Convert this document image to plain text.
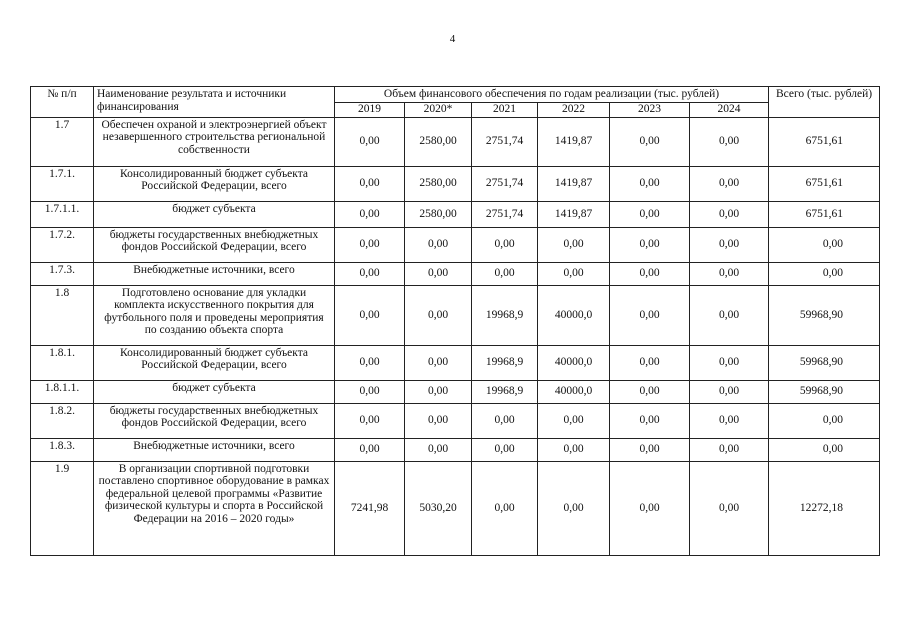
4
№ п/п	Наименование результата и источники финансирования	Объем финансового обеспечения по годам реализации (тыс. рублей)						Всего (тыс. рублей)
		2019	2020*	2021	2022	2023	2024	
1.7	Обеспечен охраной и электроэнергией объект незавершенного строительства региональной собственности	0,00	2580,00	2751,74	1419,87	0,00	0,00	6751,61
1.7.1.	Консолидированный бюджет субъекта Российской Федерации, всего	0,00	2580,00	2751,74	1419,87	0,00	0,00	6751,61
1.7.1.1.	бюджет субъекта	0,00	2580,00	2751,74	1419,87	0,00	0,00	6751,61
1.7.2.	бюджеты государственных внебюджетных фондов Российской Федерации, всего	0,00	0,00	0,00	0,00	0,00	0,00	0,00
1.7.3.	Внебюджетные источники, всего	0,00	0,00	0,00	0,00	0,00	0,00	0,00
1.8	Подготовлено основание для укладки комплекта искусственного покрытия для футбольного поля и проведены мероприятия по созданию объекта спорта	0,00	0,00	19968,9	40000,0	0,00	0,00	59968,90
1.8.1.	Консолидированный бюджет субъекта Российской Федерации, всего	0,00	0,00	19968,9	40000,0	0,00	0,00	59968,90
1.8.1.1.	бюджет субъекта	0,00	0,00	19968,9	40000,0	0,00	0,00	59968,90
1.8.2.	бюджеты государственных внебюджетных фондов Российской Федерации, всего	0,00	0,00	0,00	0,00	0,00	0,00	0,00
1.8.3.	Внебюджетные источники, всего	0,00	0,00	0,00	0,00	0,00	0,00	0,00
1.9	В организации спортивной подготовки поставлено спортивное оборудование в рамках федеральной целевой программы «Развитие физической культуры и спорта в Российской Федерации на 2016 – 2020 годы»	7241,98	5030,20	0,00	0,00	0,00	0,00	12272,18
